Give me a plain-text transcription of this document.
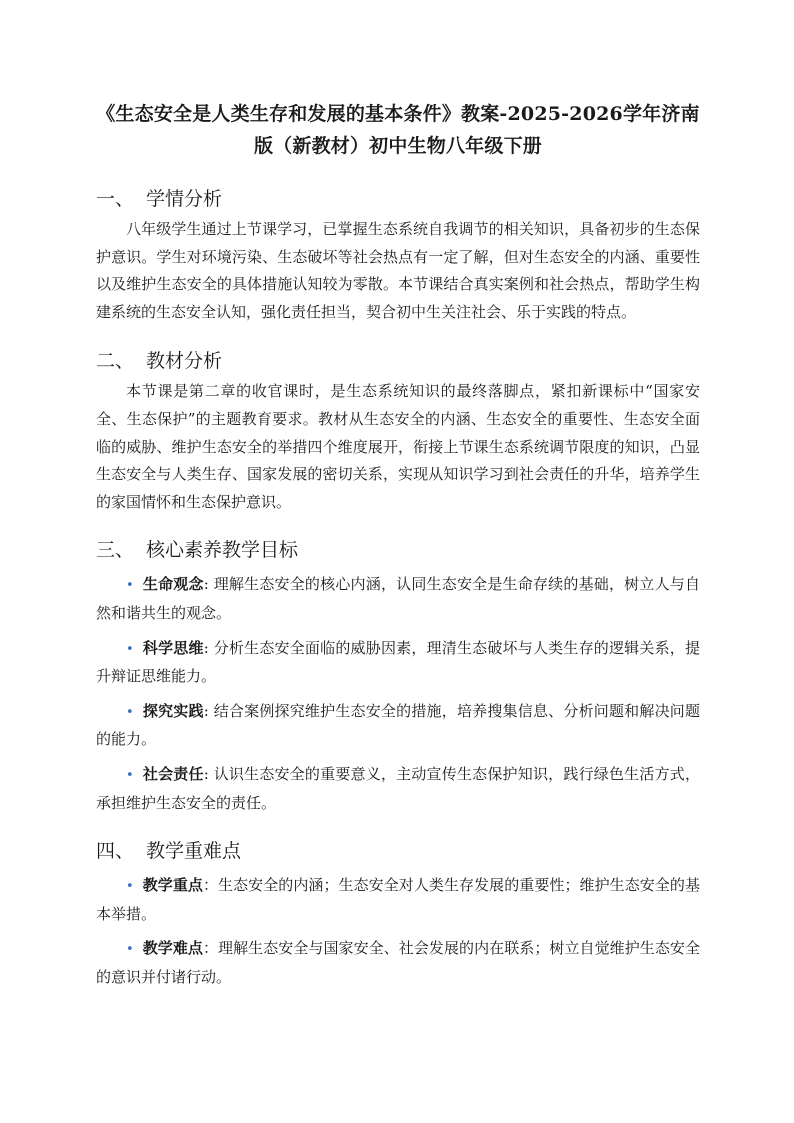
《生态安全是人类生存和发展的基本条件》教案-2025-2026学年济南版（新教材）初中生物八年级下册
一、 学情分析

八年级学生通过上节课学习，已掌握生态系统自我调节的相关知识，具备初步的生态保护意识。学生对环境污染、生态破坏等社会热点有一定了解，但对生态安全的内涵、重要性以及维护生态安全的具体措施认知较为零散。本节课结合真实案例和社会热点，帮助学生构建系统的生态安全认知，强化责任担当，契合初中生关注社会、乐于实践的特点。

二、 教材分析

本节课是第二章的收官课时，是生态系统知识的最终落脚点，紧扣新课标中“国家安全、生态保护”的主题教育要求。教材从生态安全的内涵、生态安全的重要性、生态安全面临的威胁、维护生态安全的举措四个维度展开，衔接上节课生态系统调节限度的知识，凸显生态安全与人类生存、国家发展的密切关系，实现从知识学习到社会责任的升华，培养学生的家国情怀和生态保护意识。

三、 核心素养教学目标

• 生命观念: 理解生态安全的核心内涵，认同生态安全是生命存续的基础，树立人与自然和谐共生的观念。

• 科学思维: 分析生态安全面临的威胁因素，理清生态破坏与人类生存的逻辑关系，提升辩证思维能力。

• 探究实践: 结合案例探究维护生态安全的措施，培养搜集信息、分析问题和解决问题的能力。

• 社会责任: 认识生态安全的重要意义，主动宣传生态保护知识，践行绿色生活方式，承担维护生态安全的责任。

四、 教学重难点

• 教学重点：生态安全的内涵；生态安全对人类生存发展的重要性；维护生态安全的基本举措。

• 教学难点：理解生态安全与国家安全、社会发展的内在联系；树立自觉维护生态安全的意识并付诸行动。
